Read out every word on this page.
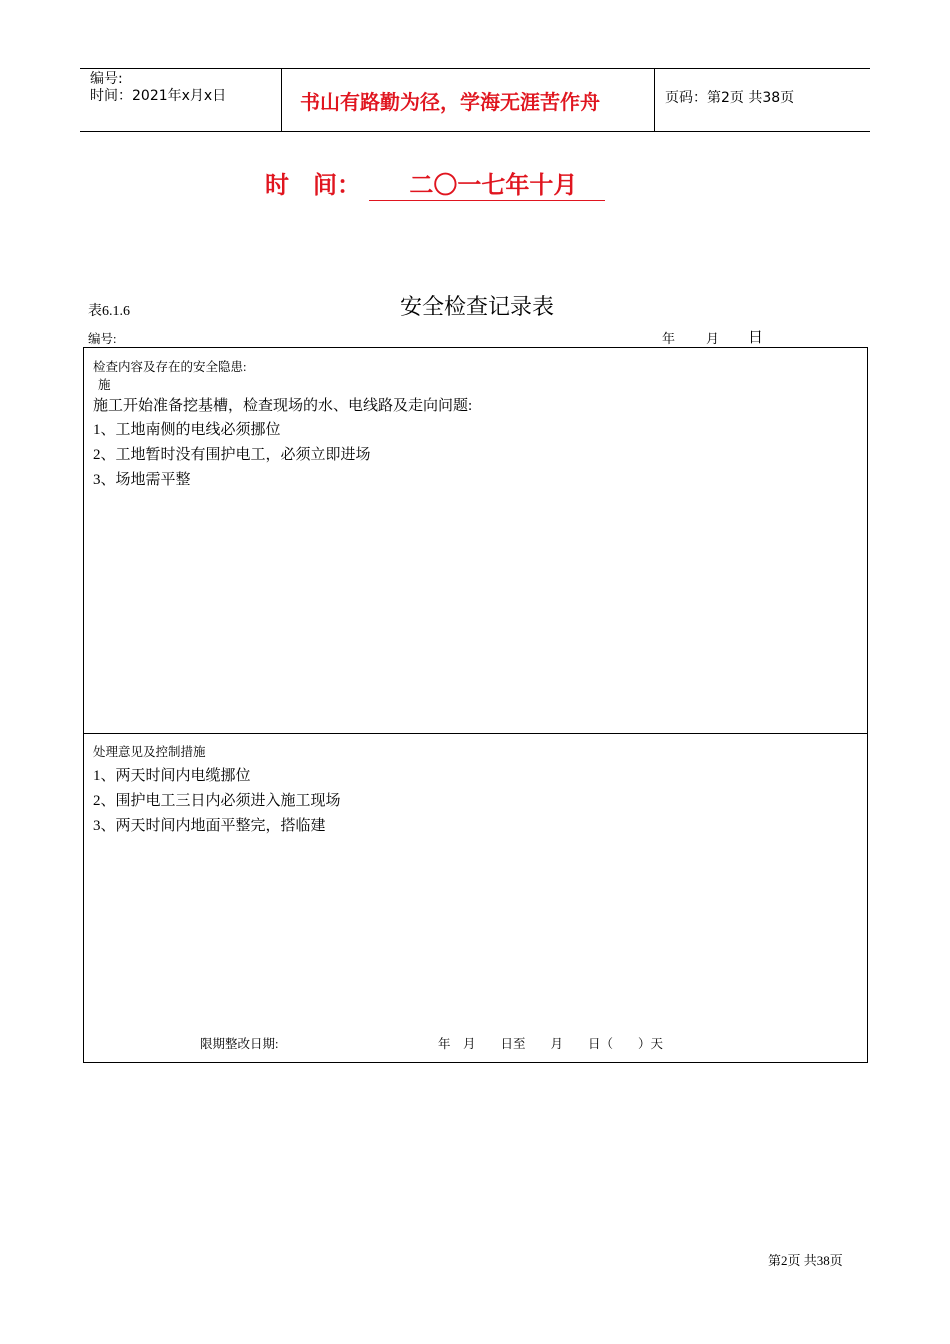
编号:
时间：2021年x月x日	书山有路勤为径，学海无涯苦作舟	页码：第2页 共38页
时　间： 二〇一七年十月
表6.1.6	安全检查记录表
编号:	年 月 日
检查内容及存在的安全隐患:
施
施工开始准备挖基槽，检查现场的水、电线路及走向问题:
1、工地南侧的电线必须挪位
2、工地暂时没有围护电工，必须立即进场
3、场地需平整
处理意见及控制措施
1、两天时间内电缆挪位
2、围护电工三日内必须进入施工现场
3、两天时间内地面平整完，搭临建
限期整改日期:	年　月　　日至　　月　　日（　　）天
第2页 共38页
